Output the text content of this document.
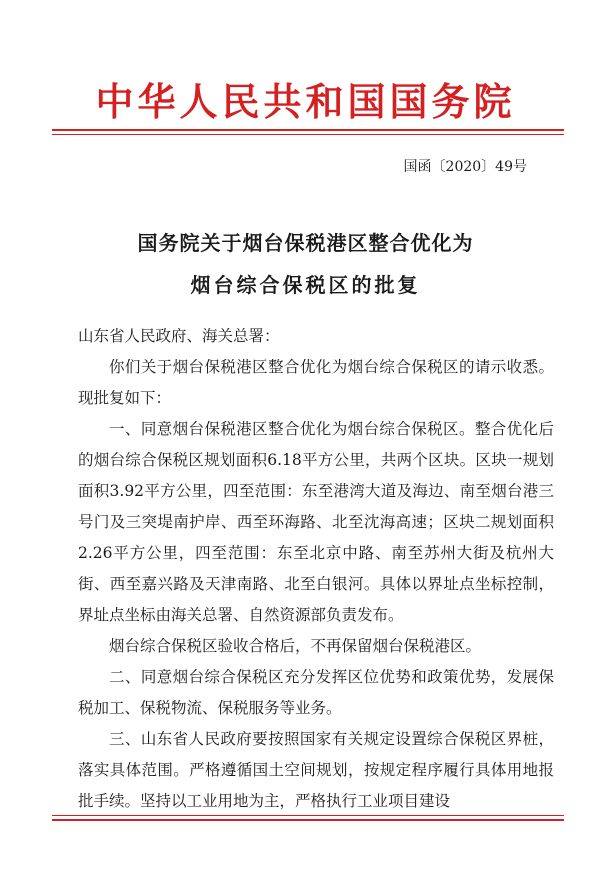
中华人民共和国国务院
国函〔2020〕49号
国务院关于烟台保税港区整合优化为
烟台综合保税区的批复

山东省人民政府、海关总署：

你们关于烟台保税港区整合优化为烟台综合保税区的请示收悉。现批复如下：

一、同意烟台保税港区整合优化为烟台综合保税区。整合优化后的烟台综合保税区规划面积6.18平方公里，共两个区块。区块一规划面积3.92平方公里，四至范围：东至港湾大道及海边、南至烟台港三号门及三突堤南护岸、西至环海路、北至沈海高速；区块二规划面积2.26平方公里，四至范围：东至北京中路、南至苏州大街及杭州大街、西至嘉兴路及天津南路、北至白银河。具体以界址点坐标控制，界址点坐标由海关总署、自然资源部负责发布。

烟台综合保税区验收合格后，不再保留烟台保税港区。

二、同意烟台综合保税区充分发挥区位优势和政策优势，发展保税加工、保税物流、保税服务等业务。

三、山东省人民政府要按照国家有关规定设置综合保税区界桩，落实具体范围。严格遵循国土空间规划，按规定程序履行具体用地报批手续。坚持以工业用地为主，严格执行工业项目建设
